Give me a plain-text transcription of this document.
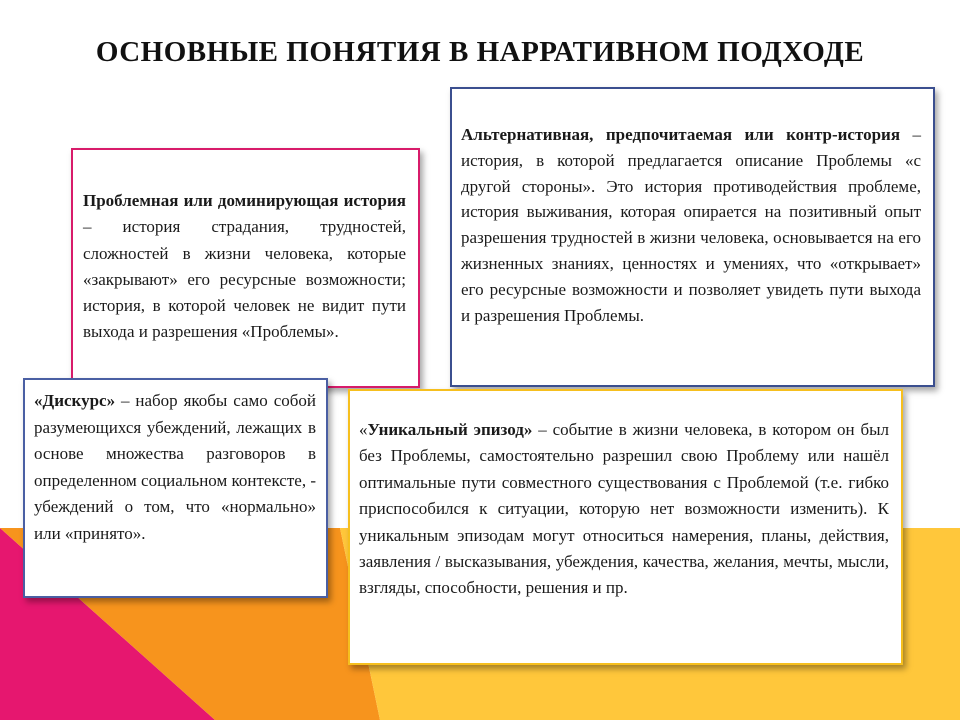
ОСНОВНЫЕ ПОНЯТИЯ В НАРРАТИВНОМ ПОДХОДЕ

Проблемная или доминирующая история – история страдания, трудностей, сложностей в жизни человека, которые «закрывают» его ресурсные возможности; история, в которой человек не видит пути выхода и разрешения «Проблемы».

Альтернативная, предпочитаемая или контр-история – история, в которой предлагается описание Проблемы «с другой стороны». Это история противодействия проблеме, история выживания, которая опирается на позитивный опыт разрешения трудностей в жизни человека, основывается на его жизненных знаниях, ценностях и умениях, что «открывает» его ресурсные возможности и позволяет увидеть пути выхода и разрешения Проблемы.

«Дискурс» – набор якобы само собой разумеющихся убеждений, лежащих в основе множества разговоров в определенном социальном контексте, - убеждений о том, что «нормально» или «принято».

«Уникальный эпизод» – событие в жизни человека, в котором он был без Проблемы, самостоятельно разрешил свою Проблему или нашёл оптимальные пути совместного существования с Проблемой (т.е. гибко приспособился к ситуации, которую нет возможности изменить). К уникальным эпизодам могут относиться намерения, планы, действия, заявления / высказывания, убеждения, качества, желания, мечты, мысли, взгляды, способности, решения и пр.
